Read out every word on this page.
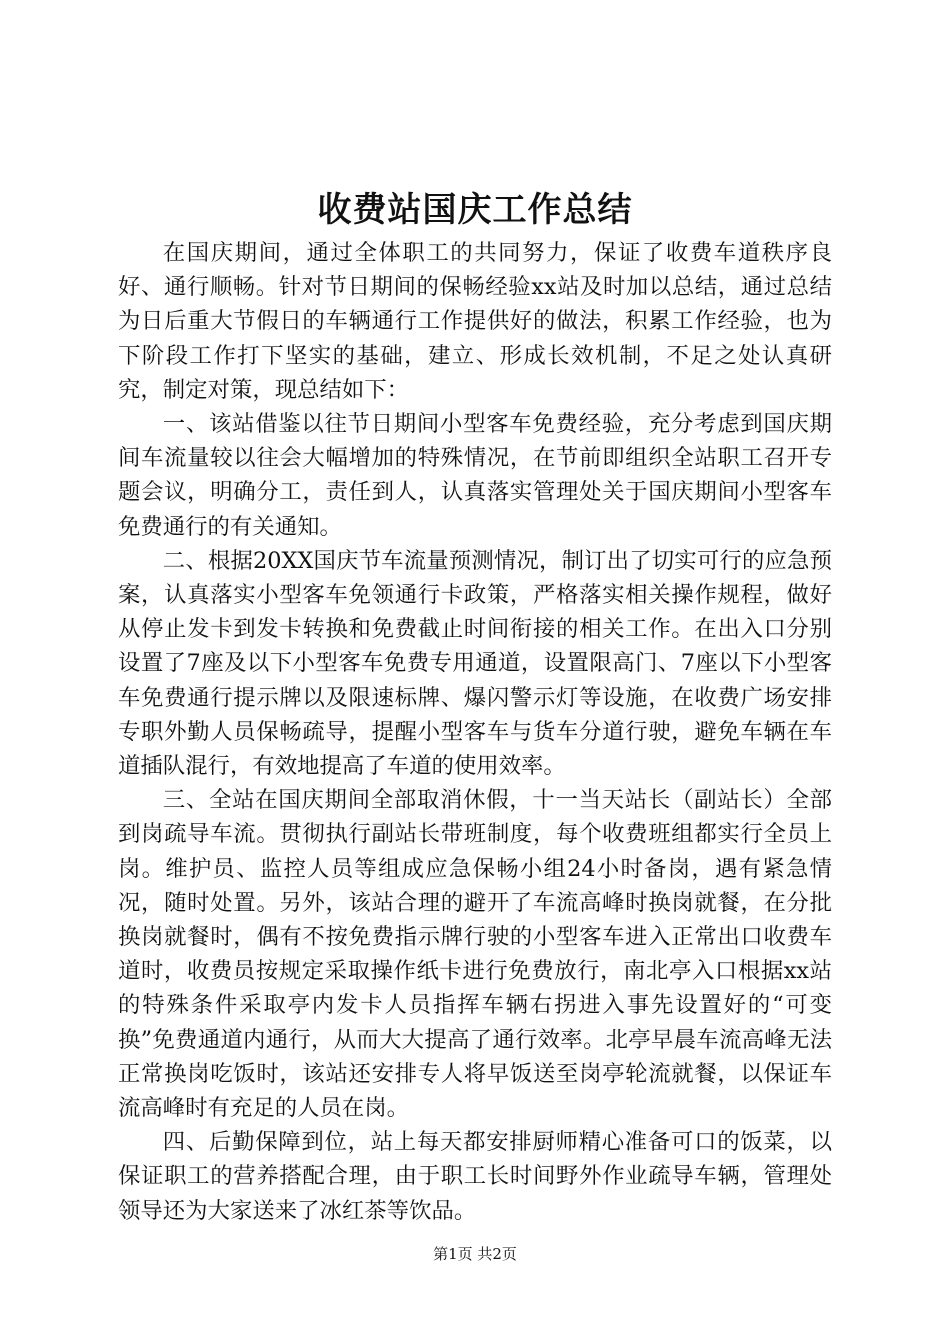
收费站国庆工作总结

在国庆期间，通过全体职工的共同努力，保证了收费车道秩序良好、通行顺畅。针对节日期间的保畅经验xx站及时加以总结，通过总结为日后重大节假日的车辆通行工作提供好的做法，积累工作经验，也为下阶段工作打下坚实的基础，建立、形成长效机制，不足之处认真研究，制定对策，现总结如下：

一、该站借鉴以往节日期间小型客车免费经验，充分考虑到国庆期间车流量较以往会大幅增加的特殊情况，在节前即组织全站职工召开专题会议，明确分工，责任到人，认真落实管理处关于国庆期间小型客车免费通行的有关通知。

二、根据20XX国庆节车流量预测情况，制订出了切实可行的应急预案，认真落实小型客车免领通行卡政策，严格落实相关操作规程，做好从停止发卡到发卡转换和免费截止时间衔接的相关工作。在出入口分别设置了7座及以下小型客车免费专用通道，设置限高门、7座以下小型客车免费通行提示牌以及限速标牌、爆闪警示灯等设施，在收费广场安排专职外勤人员保畅疏导，提醒小型客车与货车分道行驶，避免车辆在车道插队混行，有效地提高了车道的使用效率。

三、全站在国庆期间全部取消休假，十一当天站长（副站长）全部到岗疏导车流。贯彻执行副站长带班制度，每个收费班组都实行全员上岗。维护员、监控人员等组成应急保畅小组24小时备岗，遇有紧急情况，随时处置。另外，该站合理的避开了车流高峰时换岗就餐，在分批换岗就餐时，偶有不按免费指示牌行驶的小型客车进入正常出口收费车道时，收费员按规定采取操作纸卡进行免费放行，南北亭入口根据xx站的特殊条件采取亭内发卡人员指挥车辆右拐进入事先设置好的“可变换”免费通道内通行，从而大大提高了通行效率。北亭早晨车流高峰无法正常换岗吃饭时，该站还安排专人将早饭送至岗亭轮流就餐，以保证车流高峰时有充足的人员在岗。

四、后勤保障到位，站上每天都安排厨师精心准备可口的饭菜，以保证职工的营养搭配合理，由于职工长时间野外作业疏导车辆，管理处领导还为大家送来了冰红茶等饮品。

第1页 共2页
